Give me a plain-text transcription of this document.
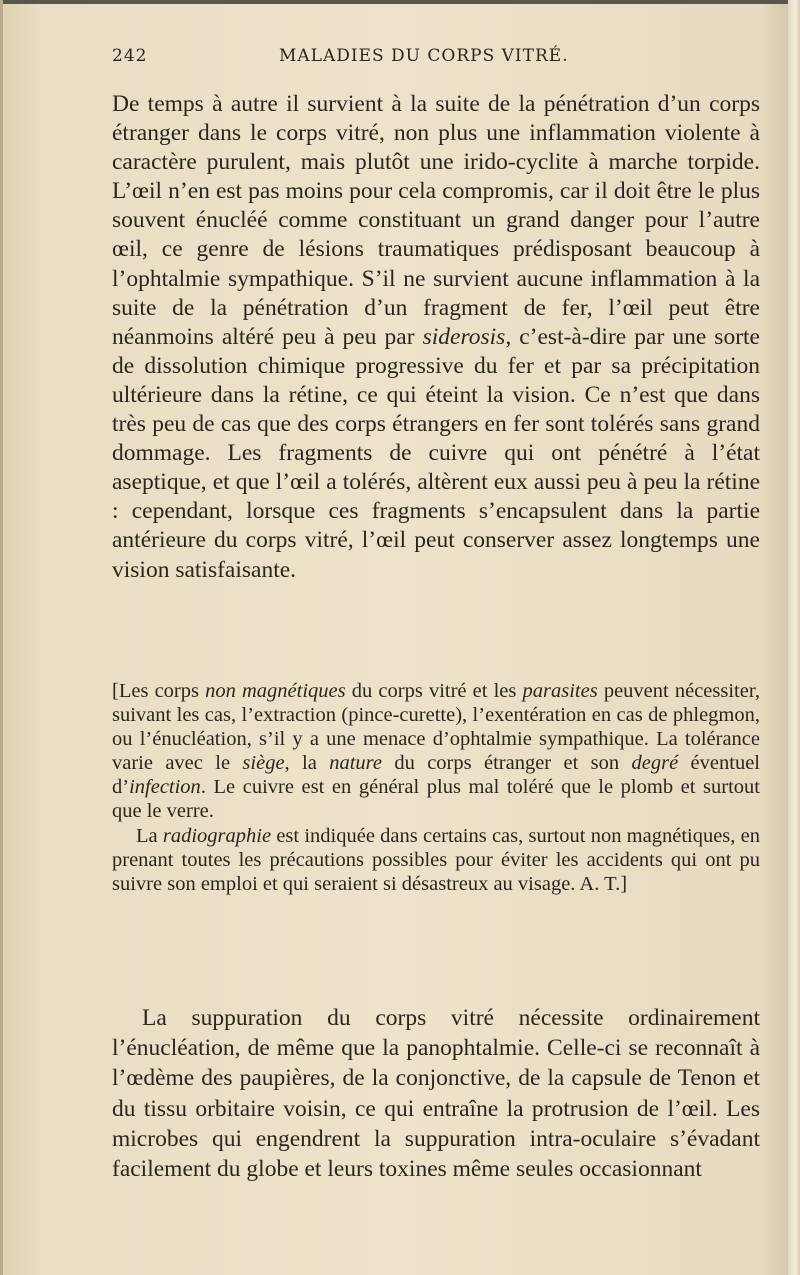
242	MALADIES DU CORPS VITRÉ.

De temps à autre il survient à la suite de la pénétration d’un corps étranger dans le corps vitré, non plus une inflammation violente à caractère purulent, mais plutôt une irido-cyclite à marche torpide. L’œil n’en est pas moins pour cela compromis, car il doit être le plus souvent énucléé comme constituant un grand danger pour l’autre œil, ce genre de lésions traumatiques prédisposant beaucoup à l’ophtalmie sympathique. S’il ne survient aucune inflammation à la suite de la pénétration d’un fragment de fer, l’œil peut être néanmoins altéré peu à peu par siderosis, c’est-à-dire par une sorte de dissolution chimique progressive du fer et par sa précipitation ultérieure dans la rétine, ce qui éteint la vision. Ce n’est que dans très peu de cas que des corps étrangers en fer sont tolérés sans grand dommage. Les fragments de cuivre qui ont pénétré à l’état aseptique, et que l’œil a tolérés, altèrent eux aussi peu à peu la rétine : cependant, lorsque ces fragments s’encapsulent dans la partie antérieure du corps vitré, l’œil peut conserver assez longtemps une vision satisfaisante.

[Les corps non magnétiques du corps vitré et les parasites peuvent nécessiter, suivant les cas, l’extraction (pince-curette), l’exentération en cas de phlegmon, ou l’énucléation, s’il y a une menace d’ophtalmie sympathique. La tolérance varie avec le siège, la nature du corps étranger et son degré éventuel d’infection. Le cuivre est en général plus mal toléré que le plomb et surtout que le verre.

La radiographie est indiquée dans certains cas, surtout non magnétiques, en prenant toutes les précautions possibles pour éviter les accidents qui ont pu suivre son emploi et qui seraient si désastreux au visage. A. T.]

La suppuration du corps vitré nécessite ordinairement l’énucléation, de même que la panophtalmie. Celle-ci se reconnaît à l’œdème des paupières, de la conjonctive, de la capsule de Tenon et du tissu orbitaire voisin, ce qui entraîne la protrusion de l’œil. Les microbes qui engendrent la suppuration intra-oculaire s’évadant facilement du globe et leurs toxines même seules occasionnant
